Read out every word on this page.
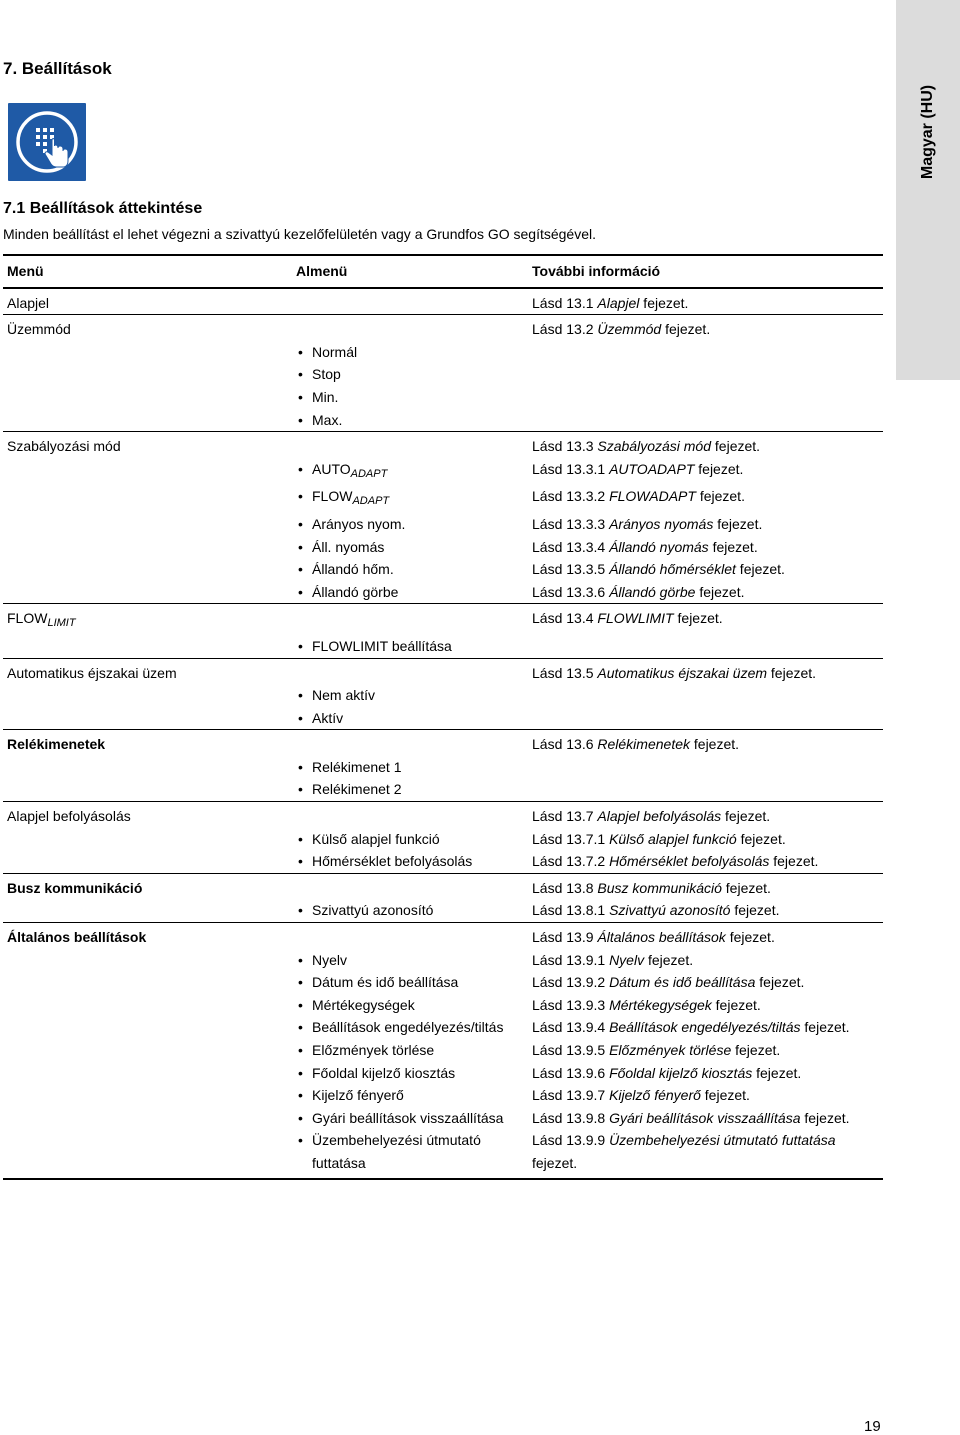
Magyar (HU)
7. Beállítások
7.1 Beállítások áttekintése
Minden beállítást el lehet végezni a szivattyú kezelőfelületén vagy a Grundfos GO segítségével.
Menü	Almenü	További információ
Alapjel		Lásd 13.1 Alapjel fejezet.
Üzemmód		Lásd 13.2 Üzemmód fejezet.

	• Normál	

	• Stop	

	• Min.	

	• Max.	
Szabályozási mód		Lásd 13.3 Szabályozási mód fejezet.

	• $AUTO_{ADAPT}$	Lásd 13.3.1 AUTOADAPT fejezet.

	• $FLOW_{ADAPT}$	Lásd 13.3.2 FLOWADAPT fejezet.

	• Arányos nyom.	Lásd 13.3.3 Arányos nyomás fejezet.

	• Áll. nyomás	Lásd 13.3.4 Állandó nyomás fejezet.

	• Állandó hőm.	Lásd 13.3.5 Állandó hőmérséklet fejezet.

	• Állandó görbe	Lásd 13.3.6 Állandó görbe fejezet.
$FLOW_{LIMIT}$		Lásd 13.4 FLOWLIMIT fejezet.

	• FLOWLIMIT beállítása	
Automatikus éjszakai üzem		Lásd 13.5 Automatikus éjszakai üzem fejezet.

	• Nem aktív	

	• Aktív	
Relékimenetek		Lásd 13.6 Relékimenetek fejezet.

	• Relékimenet 1	

	• Relékimenet 2	
Alapjel befolyásolás		Lásd 13.7 Alapjel befolyásolás fejezet.

	• Külső alapjel funkció	Lásd 13.7.1 Külső alapjel funkció fejezet.

	• Hőmérséklet befolyásolás	Lásd 13.7.2 Hőmérséklet befolyásolás fejezet.
Busz kommunikáció		Lásd 13.8 Busz kommunikáció fejezet.

	• Szivattyú azonosító	Lásd 13.8.1 Szivattyú azonosító fejezet.
Általános beállítások		Lásd 13.9 Általános beállítások fejezet.

	• Nyelv	Lásd 13.9.1 Nyelv fejezet.

	• Dátum és idő beállítása	Lásd 13.9.2 Dátum és idő beállítása fejezet.

	• Mértékegységek	Lásd 13.9.3 Mértékegységek fejezet.

	• Beállítások engedélyezés/tiltás	Lásd 13.9.4 Beállítások engedélyezés/tiltás fejezet.

	• Előzmények törlése	Lásd 13.9.5 Előzmények törlése fejezet.

	• Főoldal kijelző kiosztás	Lásd 13.9.6 Főoldal kijelző kiosztás fejezet.

	• Kijelző fényerő	Lásd 13.9.7 Kijelző fényerő fejezet.

	• Gyári beállítások visszaállítása	Lásd 13.9.8 Gyári beállítások visszaállítása fejezet.

	• Üzembehelyezési útmutató futtatása	Lásd 13.9.9 Üzembehelyezési útmutató futtatása fejezet.
19
